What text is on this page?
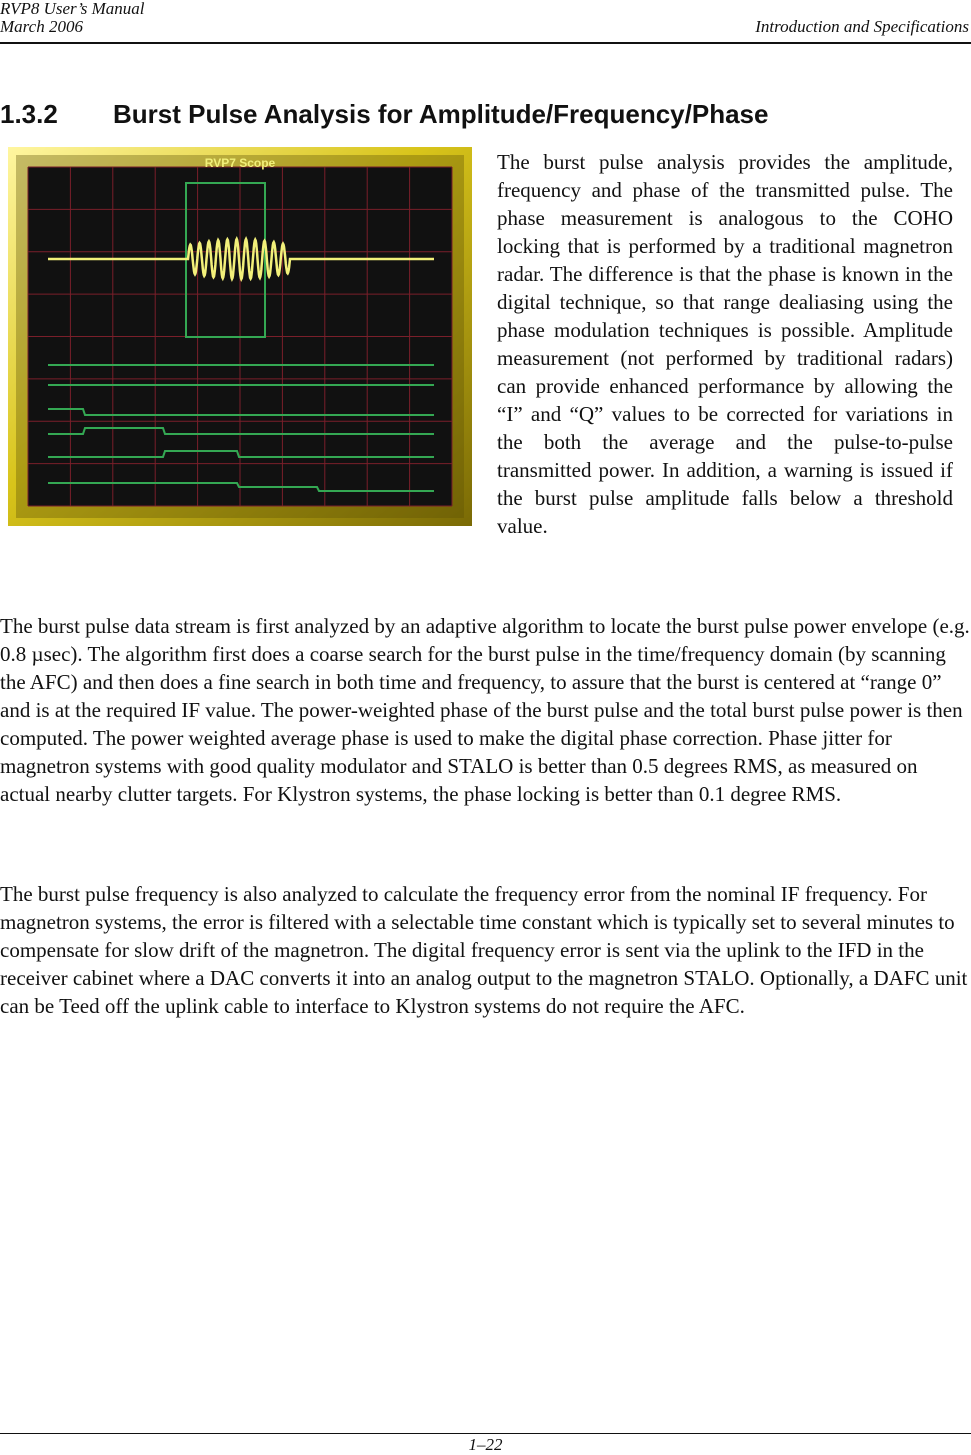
RVP8 User’s Manual
March 2006	Introduction and Specifications
1.3.2 Burst Pulse Analysis for Amplitude/Frequency/Phase
RVP7 Scope	The burst pulse analysis provides the amplitude, frequency and phase of the transmitted pulse. The phase measurement is analogous to the COHO locking that is performed by a traditional magnetron radar. The difference is that the phase is known in the digital technique, so that range dealiasing using the phase modulation techniques is possible. Amplitude measurement (not performed by traditional radars) can provide enhanced performance by allowing the “I” and “Q” values to be corrected for variations in the both the average and the pulse-to-pulse transmitted power. In addition, a warning is issued if the burst pulse amplitude falls below a threshold value.

The burst pulse data stream is first analyzed by an adaptive algorithm to locate the burst pulse power envelope (e.g. 0.8 µsec). The algorithm first does a coarse search for the burst pulse in the time/frequency domain (by scanning the AFC) and then does a fine search in both time and frequency, to assure that the burst is centered at “range 0” and is at the required IF value. The power-weighted phase of the burst pulse and the total burst pulse power is then computed. The power weighted average phase is used to make the digital phase correction. Phase jitter for magnetron systems with good quality modulator and STALO is better than 0.5 degrees RMS, as measured on actual nearby clutter targets. For Klystron systems, the phase locking is better than 0.1 degree RMS.

The burst pulse frequency is also analyzed to calculate the frequency error from the nominal IF frequency. For magnetron systems, the error is filtered with a selectable time constant which is typically set to several minutes to compensate for slow drift of the magnetron. The digital frequency error is sent via the uplink to the IFD in the receiver cabinet where a DAC converts it into an analog output to the magnetron STALO. Optionally, a DAFC unit can be Teed off the uplink cable to interface to Klystron systems do not require the AFC.

1–22
